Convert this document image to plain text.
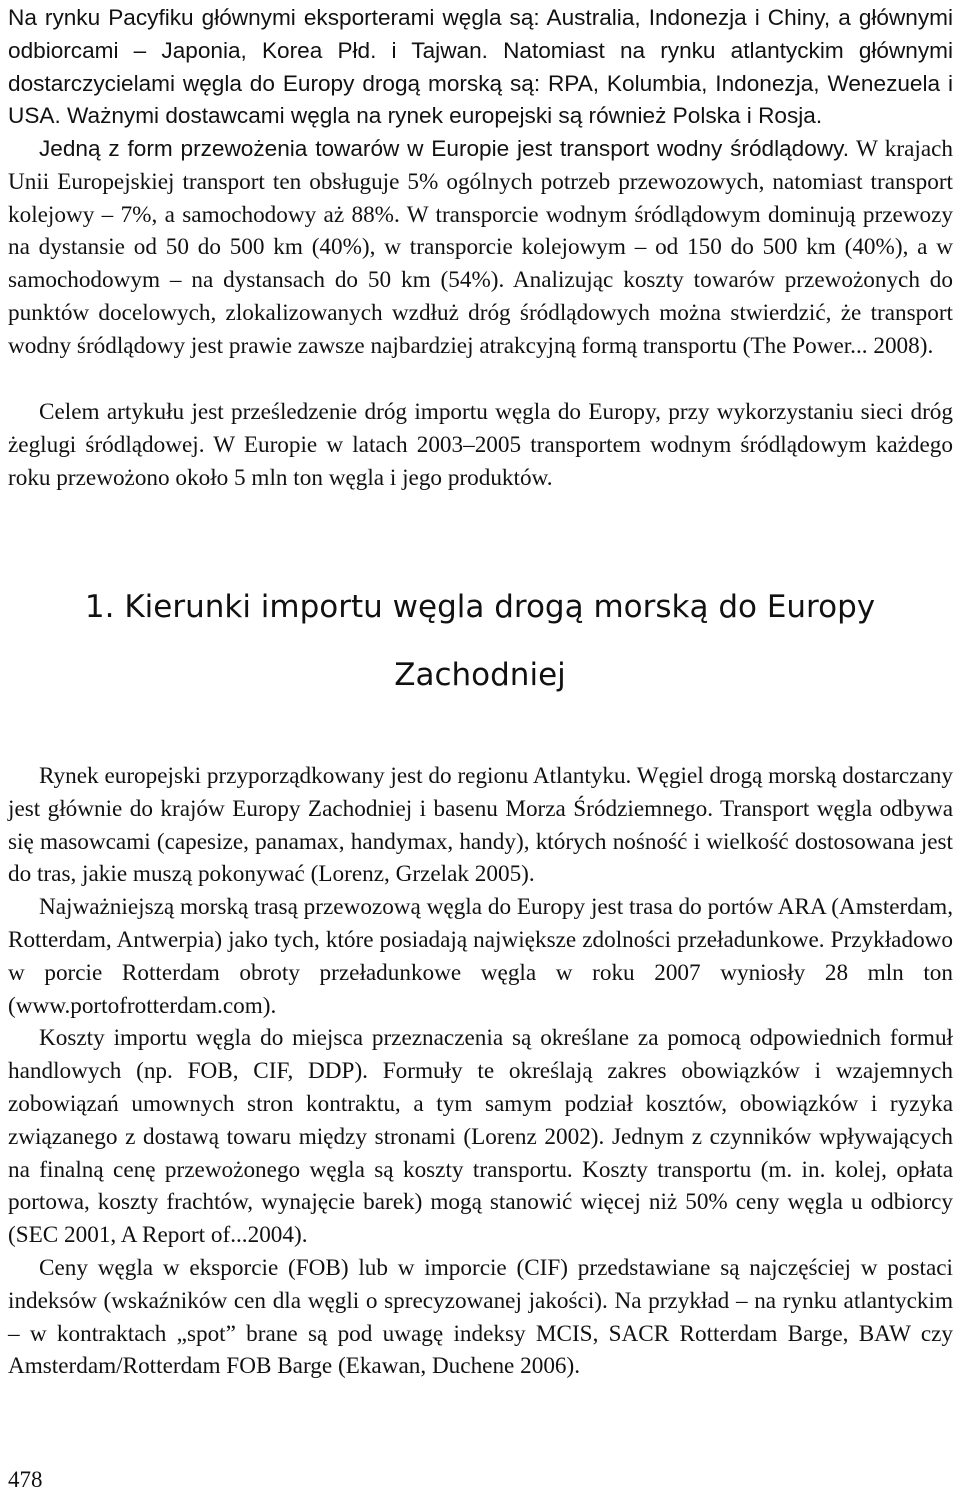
Na rynku Pacyfiku głównymi eksporterami węgla są: Australia, Indonezja i Chiny, a głównymi odbiorcami – Japonia, Korea Płd. i Tajwan. Natomiast na rynku atlantyckim głównymi dostarczycielami węgla do Europy drogą morską są: RPA, Kolumbia, Indonezja, Wenezuela i USA. Ważnymi dostawcami węgla na rynek europejski są również Polska i Rosja.

Jedną z form przewożenia towarów w Europie jest transport wodny śródlądowy. W krajach Unii Europejskiej transport ten obsługuje 5% ogólnych potrzeb przewozowych, natomiast transport kolejowy – 7%, a samochodowy aż 88%. W transporcie wodnym śródlądowym dominują przewozy na dystansie od 50 do 500 km (40%), w transporcie kolejowym – od 150 do 500 km (40%), a w samochodowym – na dystansach do 50 km (54%). Analizując koszty towarów przewożonych do punktów docelowych, zlokalizowanych wzdłuż dróg śródlądowych można stwierdzić, że transport wodny śródlądowy jest prawie zawsze najbardziej atrakcyjną formą transportu (The Power... 2008).

Celem artykułu jest prześledzenie dróg importu węgla do Europy, przy wykorzystaniu sieci dróg żeglugi śródlądowej. W Europie w latach 2003–2005 transportem wodnym śródlądowym każdego roku przewożono około 5 mln ton węgla i jego produktów.

1. Kierunki importu węgla drogą morską do Europy
Zachodniej

Rynek europejski przyporządkowany jest do regionu Atlantyku. Węgiel drogą morską dostarczany jest głównie do krajów Europy Zachodniej i basenu Morza Śródziemnego. Transport węgla odbywa się masowcami (capesize, panamax, handymax, handy), których nośność i wielkość dostosowana jest do tras, jakie muszą pokonywać (Lorenz, Grzelak 2005).

Najważniejszą morską trasą przewozową węgla do Europy jest trasa do portów ARA (Amsterdam, Rotterdam, Antwerpia) jako tych, które posiadają największe zdolności przeładunkowe. Przykładowo w porcie Rotterdam obroty przeładunkowe węgla w roku 2007 wyniosły 28 mln ton (www.portofrotterdam.com).

Koszty importu węgla do miejsca przeznaczenia są określane za pomocą odpowiednich formuł handlowych (np. FOB, CIF, DDP). Formuły te określają zakres obowiązków i wzajemnych zobowiązań umownych stron kontraktu, a tym samym podział kosztów, obowiązków i ryzyka związanego z dostawą towaru między stronami (Lorenz 2002). Jednym z czynników wpływających na finalną cenę przewożonego węgla są koszty transportu. Koszty transportu (m. in. kolej, opłata portowa, koszty frachtów, wynajęcie barek) mogą stanowić więcej niż 50% ceny węgla u odbiorcy (SEC 2001, A Report of...2004).

Ceny węgla w eksporcie (FOB) lub w imporcie (CIF) przedstawiane są najczęściej w postaci indeksów (wskaźników cen dla węgli o sprecyzowanej jakości). Na przykład – na rynku atlantyckim – w kontraktach „spot” brane są pod uwagę indeksy MCIS, SACR Rotterdam Barge, BAW czy Amsterdam/Rotterdam FOB Barge (Ekawan, Duchene 2006).

478
